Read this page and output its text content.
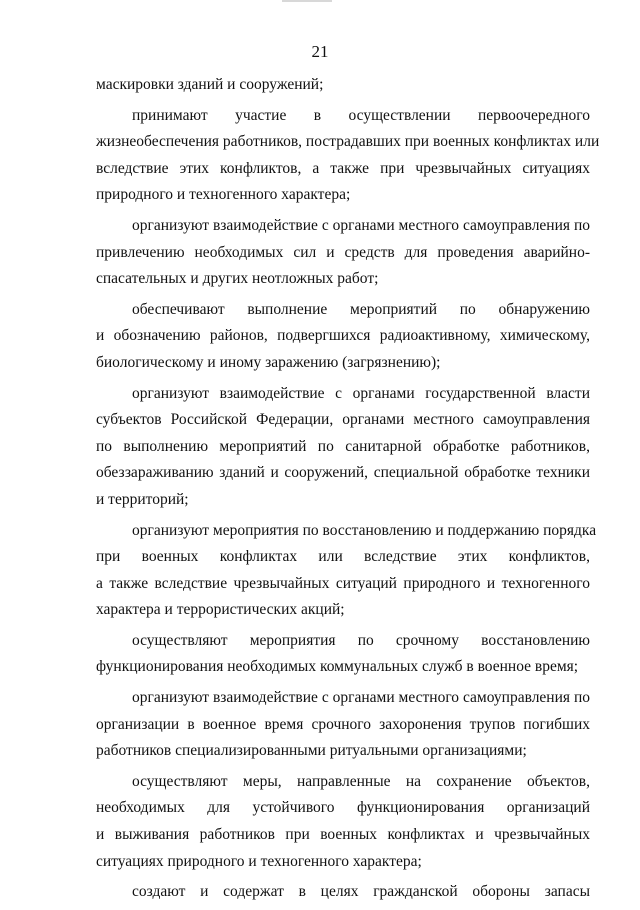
21
маскировки зданий и сооружений;
принимают участие в осуществлении первоочередного
жизнеобеспечения работников, пострадавших при военных конфликтах или
вследствие этих конфликтов, а также при чрезвычайных ситуациях
природного и техногенного характера;
организуют взаимодействие с органами местного самоуправления по
привлечению необходимых сил и средств для проведения аварийно-
спасательных и других неотложных работ;
обеспечивают выполнение мероприятий по обнаружению
и обозначению районов, подвергшихся радиоактивному, химическому,
биологическому и иному заражению (загрязнению);
организуют взаимодействие с органами государственной власти
субъектов Российской Федерации, органами местного самоуправления
по выполнению мероприятий по санитарной обработке работников,
обеззараживанию зданий и сооружений, специальной обработке техники
и территорий;
организуют мероприятия по восстановлению и поддержанию порядка
при военных конфликтах или вследствие этих конфликтов,
а также вследствие чрезвычайных ситуаций природного и техногенного
характера и террористических акций;
осуществляют мероприятия по срочному восстановлению
функционирования необходимых коммунальных служб в военное время;
организуют взаимодействие с органами местного самоуправления по
организации в военное время срочного захоронения трупов погибших
работников специализированными ритуальными организациями;
осуществляют меры, направленные на сохранение объектов,
необходимых для устойчивого функционирования организаций
и выживания работников при военных конфликтах и чрезвычайных
ситуациях природного и техногенного характера;
создают и содержат в целях гражданской обороны запасы
